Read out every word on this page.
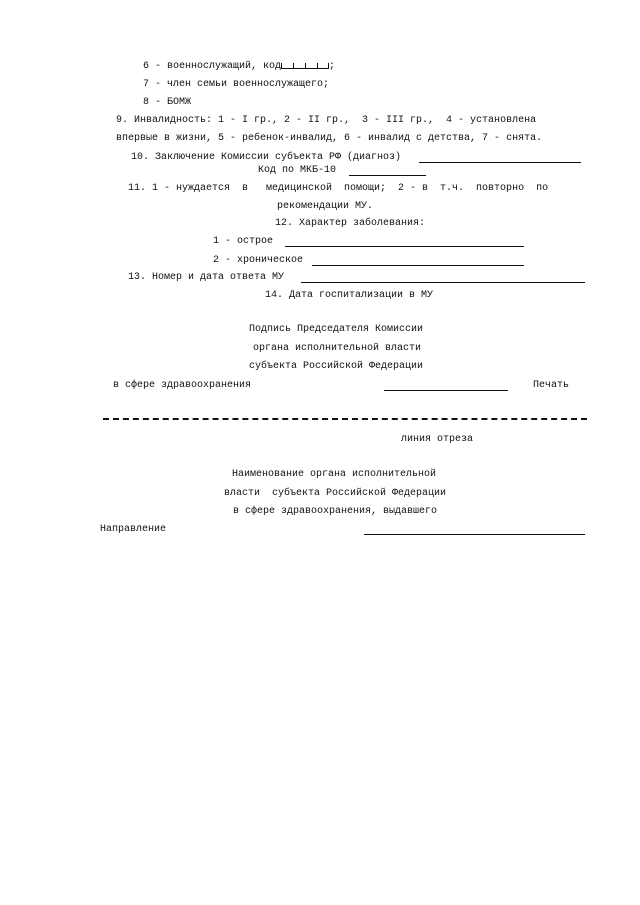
6 - военнослужащий, код	;
7 - член семьи военнослужащего;
8 - БОМЖ
9. Инвалидность: 1 - I гр., 2 - II гр.,  3 - III гр.,  4 - установлена
впервые в жизни, 5 - ребенок-инвалид, 6 - инвалид с детства, 7 - снята.
10. Заключение Комиссии субъекта РФ (диагноз)
Код по МКБ-10
11. 1 - нуждается  в   медицинской  помощи;  2 - в  т.ч.  повторно  по
рекомендации МУ.
12. Характер заболевания:
1 - острое
2 - хроническое
13. Номер и дата ответа МУ
14. Дата госпитализации в МУ
Подпись Председателя Комиссии
органа исполнительной власти
субъекта Российской Федерации
в сфере здравоохранения	Печать
линия отреза
Наименование органа исполнительной
власти  субъекта Российской Федерации
в сфере здравоохранения, выдавшего
Направление
